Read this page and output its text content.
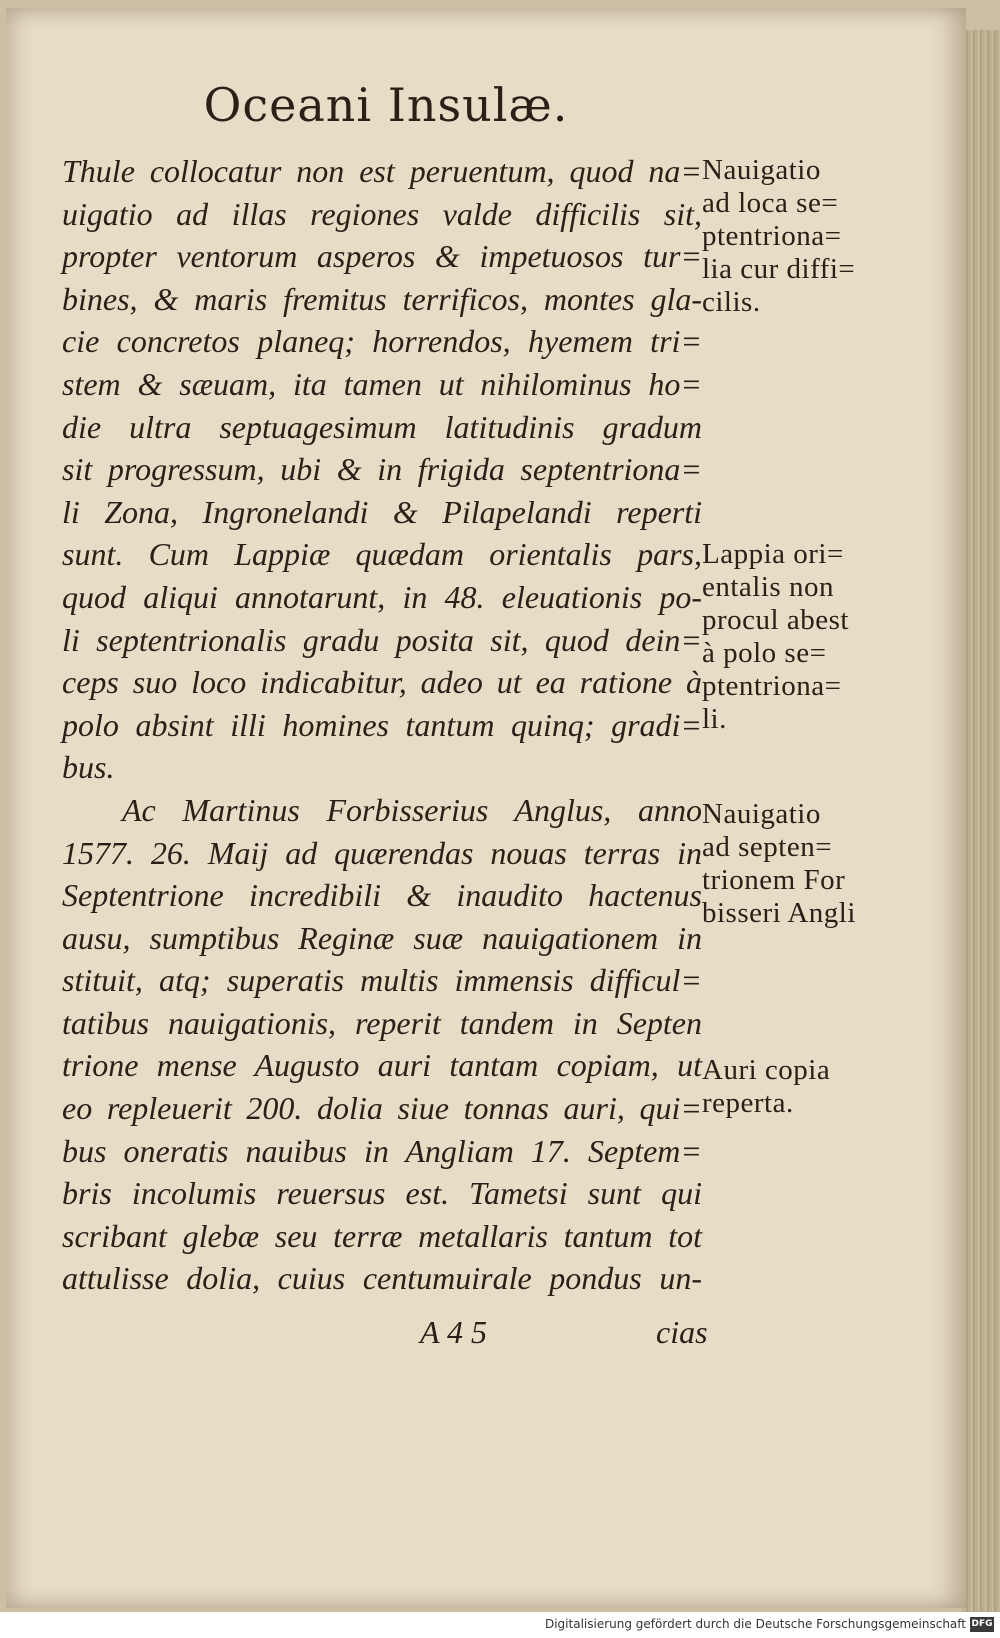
Oceani Insulæ.
Thule collocatur non est peruentum, quod na=
uigatio ad illas regiones valde difficilis sit,
propter ventorum asperos & impetuosos tur=
bines, & maris fremitus terrificos, montes gla-
cie concretos planeq; horrendos, hyemem tri=
stem & sæuam, ita tamen ut nihilominus ho=
die ultra septuagesimum latitudinis gradum
sit progressum, ubi & in frigida septentriona=
li Zona, Ingronelandi & Pilapelandi reperti
sunt. Cum Lappiæ quædam orientalis pars,
quod aliqui annotarunt, in 48. eleuationis po-
li septentrionalis gradu posita sit, quod dein=
ceps suo loco indicabitur, adeo ut ea ratione à
polo absint illi homines tantum quinq; gradi=
bus.
Ac Martinus Forbisserius Anglus, anno
1577. 26. Maij ad quærendas nouas terras in
Septentrione incredibili & inaudito hactenus
ausu, sumptibus Reginæ suæ nauigationem in
stituit, atq; superatis multis immensis difficul=
tatibus nauigationis, reperit tandem in Septen
trione mense Augusto auri tantam copiam, ut
eo repleuerit 200. dolia siue tonnas auri, qui=
bus oneratis nauibus in Angliam 17. Septem=
bris incolumis reuersus est. Tametsi sunt qui
scribant glebæ seu terræ metallaris tantum tot
attulisse dolia, cuius centumuirale pondus un-
Nauigatio
ad loca se=
ptentriona=
lia cur diffi=
cilis.
Lappia ori=
entalis non
procul abest
à polo se=
ptentriona=
li.
Nauigatio
ad septen=
trionem For
bisseri Angli
Auri copia
reperta.
A 4 5	cias
Digitalisierung gefördert durch die Deutsche Forschungsgemeinschaft DFG
